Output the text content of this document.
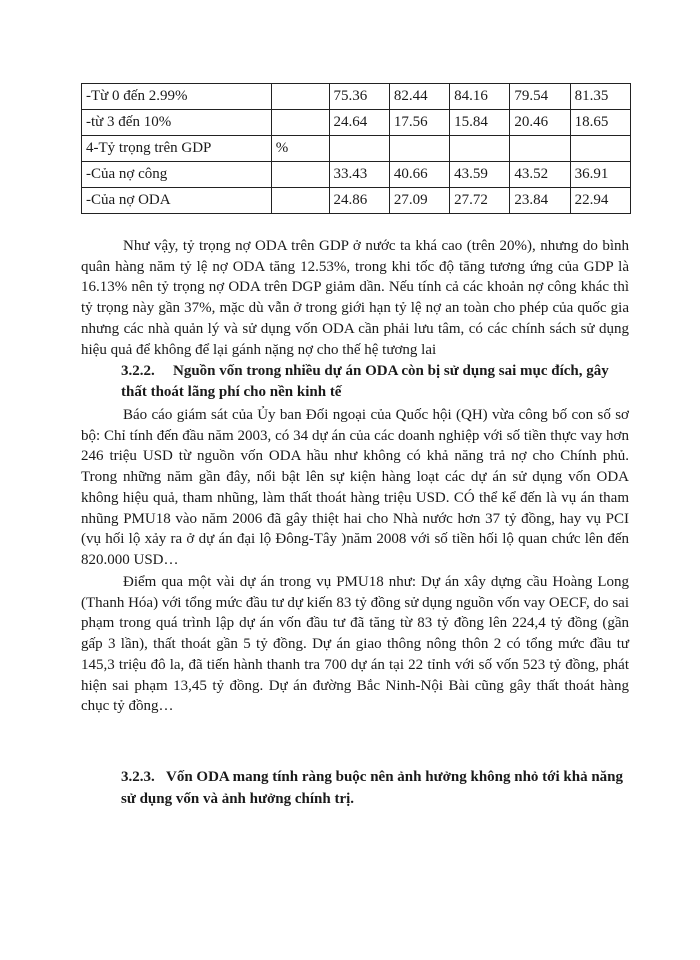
-Từ 0 đến 2.99%		75.36	82.44	84.16	79.54	81.35
-từ 3 đến 10%		24.64	17.56	15.84	20.46	18.65
4-Tỷ trọng trên GDP	%					
-Của nợ công		33.43	40.66	43.59	43.52	36.91
-Của nợ ODA		24.86	27.09	27.72	23.84	22.94

Như vậy, tỷ trọng nợ ODA trên GDP ở nước ta khá cao (trên 20%), nhưng do bình quân hàng năm tỷ lệ nợ ODA tăng 12.53%, trong khi tốc độ tăng tương ứng của GDP là 16.13% nên tỷ trọng nợ ODA trên DGP giảm dần. Nếu tính cả các khoản nợ công khác thì tỷ trọng này gần 37%, mặc dù vẫn ở trong giới hạn tỷ lệ nợ an toàn cho phép của quốc gia nhưng các nhà quản lý và sử dụng vốn ODA cần phải lưu tâm, có các chính sách sử dụng hiệu quả để không để lại gánh nặng nợ cho thế hệ tương lai

3.2.2. Nguồn vốn trong nhiều dự án ODA còn bị sử dụng sai mục đích, gây thất thoát lãng phí cho nền kinh tế

Báo cáo giám sát của Ủy ban Đối ngoại của Quốc hội (QH) vừa công bố con số sơ bộ: Chỉ tính đến đầu năm 2003, có 34 dự án của các doanh nghiệp với số tiền thực vay hơn 246 triệu USD từ nguồn vốn ODA hầu như không có khả năng trả nợ cho Chính phủ. Trong những năm gần đây, nổi bật lên sự kiện hàng loạt các dự án sử dụng vốn ODA không hiệu quả, tham nhũng, làm thất thoát hàng triệu USD. CÓ thể kể đến là vụ án tham nhũng PMU18 vào năm 2006 đã gây thiệt hai cho Nhà nước hơn 37 tỷ đồng, hay vụ PCI (vụ hối lộ xảy ra ở dự án đại lộ Đông-Tây )năm 2008 với số tiền hối lộ quan chức lên đến 820.000 USD…

Điểm qua một vài dự án trong vụ PMU18 như: Dự án xây dựng cầu Hoàng Long (Thanh Hóa) với tổng mức đầu tư dự kiến 83 tỷ đồng sử dụng nguồn vốn vay OECF, do sai phạm trong quá trình lập dự án vốn đầu tư đã tăng từ 83 tỷ đồng lên 224,4 tỷ đồng (gần gấp 3 lần), thất thoát gần 5 tỷ đồng. Dự án giao thông nông thôn 2 có tổng mức đầu tư 145,3 triệu đô la, đã tiến hành thanh tra 700 dự án tại 22 tỉnh với số vốn 523 tỷ đồng, phát hiện sai phạm 13,45 tỷ đồng. Dự án đường Bắc Ninh-Nội Bài cũng gây thất thoát hàng chục tỷ đồng…

3.2.3. Vốn ODA mang tính ràng buộc nên ảnh hưởng không nhỏ tới khả năng sử dụng vốn và ảnh hưởng chính trị.
